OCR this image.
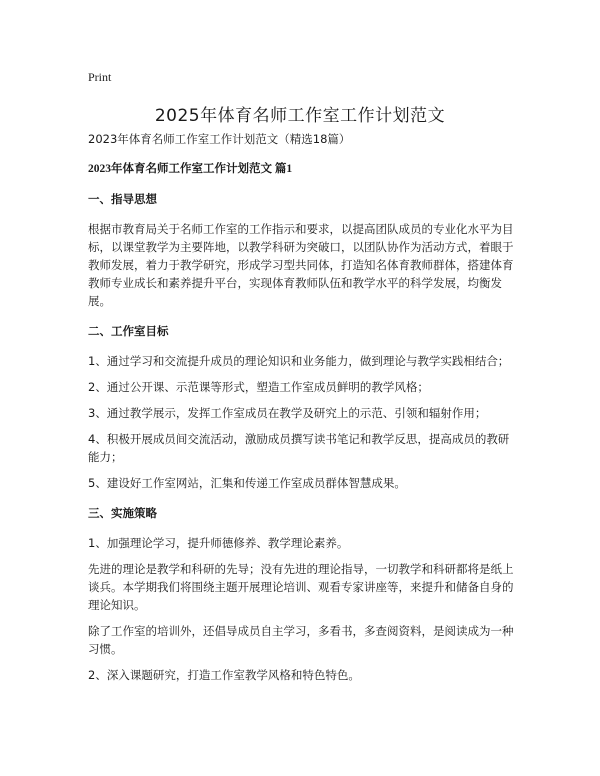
Print
2025年体育名师工作室工作计划范文

2023年体育名师工作室工作计划范文（精选18篇）

2023年体育名师工作室工作计划范文 篇1

一、指导思想

根据市教育局关于名师工作室的工作指示和要求，以提高团队成员的专业化水平为目标，以课堂教学为主要阵地，以教学科研为突破口，以团队协作为活动方式，着眼于教师发展，着力于教学研究，形成学习型共同体，打造知名体育教师群体，搭建体育教师专业成长和素养提升平台，实现体育教师队伍和教学水平的科学发展，均衡发展。

二、工作室目标

1、通过学习和交流提升成员的理论知识和业务能力，做到理论与教学实践相结合；

2、通过公开课、示范课等形式，塑造工作室成员鲜明的教学风格；

3、通过教学展示，发挥工作室成员在教学及研究上的示范、引领和辐射作用；

4、积极开展成员间交流活动，激励成员撰写读书笔记和教学反思，提高成员的教研能力；

5、建设好工作室网站，汇集和传递工作室成员群体智慧成果。

三、实施策略

1、加强理论学习，提升师德修养、教学理论素养。

先进的理论是教学和科研的先导；没有先进的理论指导，一切教学和科研都将是纸上谈兵。本学期我们将围绕主题开展理论培训、观看专家讲座等，来提升和储备自身的理论知识。

除了工作室的培训外，还倡导成员自主学习，多看书，多查阅资料，是阅读成为一种习惯。

2、深入课题研究，打造工作室教学风格和特色特色。
